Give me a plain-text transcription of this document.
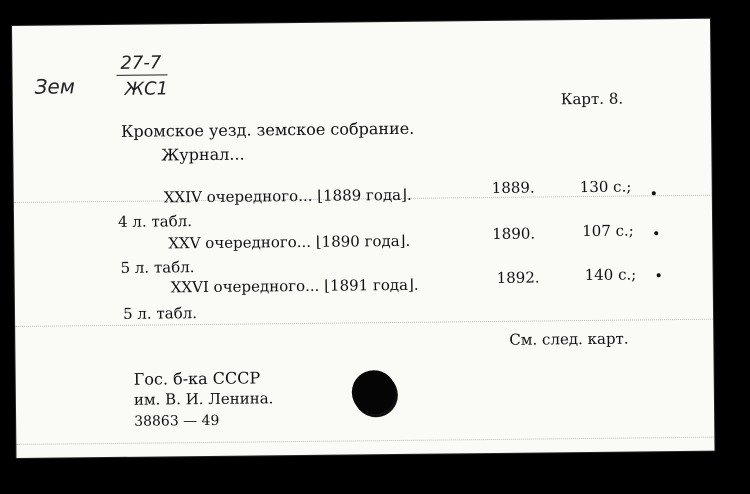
Зем
27-7
ЖС1	Карт. 8.
Кромское уезд. земское собрание.
Журнал...
XXIV очередного... ⌊1889 года⌋.	1889.	130 с.;
4 л. табл.
XXV очередного... ⌊1890 года⌋.	1890.	107 с.;
5 л. табл.
XXVI очередного... ⌊1891 года⌋.	1892.	140 с.;
5 л. табл.
См. след. карт.
Гос. б-ка СССР
им. В. И. Ленина.
38863 — 49
